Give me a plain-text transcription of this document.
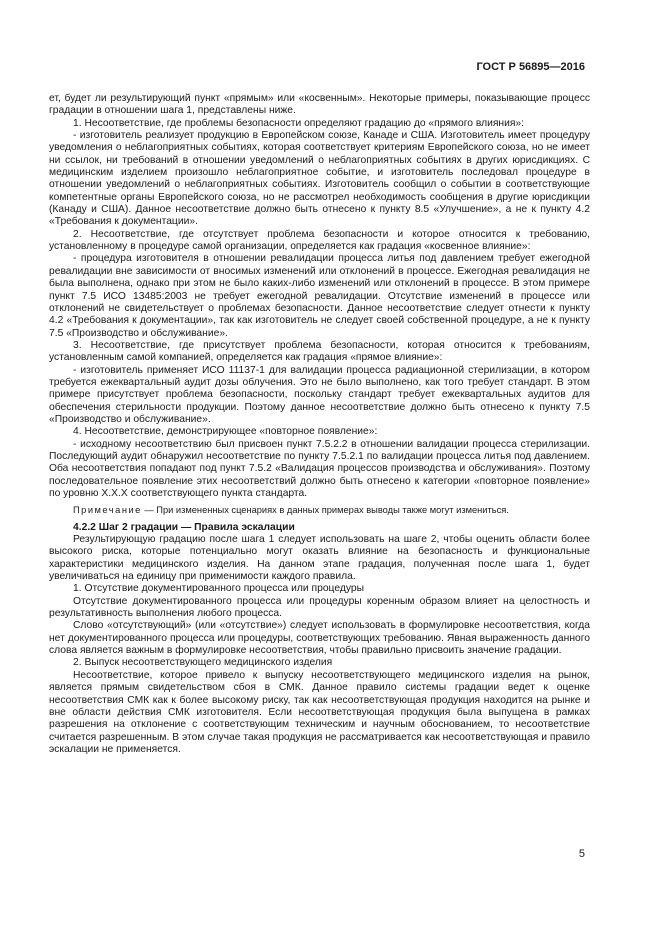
ГОСТ Р 56895—2016

ет, будет ли результирующий пункт «прямым» или «косвенным». Некоторые примеры, показывающие процесс градации в отношении шага 1, представлены ниже.

1. Несоответствие, где проблемы безопасности определяют градацию до «прямого влияния»:

- изготовитель реализует продукцию в Европейском союзе, Канаде и США. Изготовитель имеет процедуру уведомления о неблагоприятных событиях, которая соответствует критериям Европейского союза, но не имеет ни ссылок, ни требований в отношении уведомлений о неблагоприятных событиях в других юрисдикциях. С медицинским изделием произошло неблагоприятное событие, и изготовитель последовал процедуре в отношении уведомлений о неблагоприятных событиях. Изготовитель сообщил о событии в соответствующие компетентные органы Европейского союза, но не рассмотрел необходимость сообщения в другие юрисдикции (Канаду и США). Данное несоответствие должно быть отнесено к пункту 8.5 «Улучшение», а не к пункту 4.2 «Требования к документации».

2. Несоответствие, где отсутствует проблема безопасности и которое относится к требованию, установленному в процедуре самой организации, определяется как градация «косвенное влияние»:

- процедура изготовителя в отношении ревалидации процесса литья под давлением требует ежегодной ревалидации вне зависимости от вносимых изменений или отклонений в процессе. Ежегодная ревалидация не была выполнена, однако при этом не было каких-либо изменений или отклонений в процессе. В этом примере пункт 7.5 ИСО 13485:2003 не требует ежегодной ревалидации. Отсутствие изменений в процессе или отклонений не свидетельствует о проблемах безопасности. Данное несоответствие следует отнести к пункту 4.2 «Требования к документации», так как изготовитель не следует своей собственной процедуре, а не к пункту 7.5 «Производство и обслуживание».

3. Несоответствие, где присутствует проблема безопасности, которая относится к требованиям, установленным самой компанией, определяется как градация «прямое влияние»:

- изготовитель применяет ИСО 11137-1 для валидации процесса радиационной стерилизации, в котором требуется ежеквартальный аудит дозы облучения. Это не было выполнено, как того требует стандарт. В этом примере присутствует проблема безопасности, поскольку стандарт требует ежеквартальных аудитов для обеспечения стерильности продукции. Поэтому данное несоответствие должно быть отнесено к пункту 7.5 «Производство и обслуживание».

4. Несоответствие, демонстрирующее «повторное появление»:

- исходному несоответствию был присвоен пункт 7.5.2.2 в отношении валидации процесса стерилизации. Последующий аудит обнаружил несоответствие по пункту 7.5.2.1 по валидации процесса литья под давлением. Оба несоответствия попадают под пункт 7.5.2 «Валидация процессов производства и обслуживания». Поэтому последовательное появление этих несоответствий должно быть отнесено к категории «повторное появление» по уровню Х.Х.Х соответствующего пункта стандарта.

Примечание — При измененных сценариях в данных примерах выводы также могут измениться.

4.2.2 Шаг 2 градации — Правила эскалации

Результирующую градацию после шага 1 следует использовать на шаге 2, чтобы оценить области более высокого риска, которые потенциально могут оказать влияние на безопасность и функциональные характеристики медицинского изделия. На данном этапе градация, полученная после шага 1, будет увеличиваться на единицу при применимости каждого правила.

1. Отсутствие документированного процесса или процедуры

Отсутствие документированного процесса или процедуры коренным образом влияет на целостность и результативность выполнения любого процесса.

Слово «отсутствующий» (или «отсутствие») следует использовать в формулировке несоответствия, когда нет документированного процесса или процедуры, соответствующих требованию. Явная выраженность данного слова является важным в формулировке несоответствия, чтобы правильно присвоить значение градации.

2. Выпуск несоответствующего медицинского изделия

Несоответствие, которое привело к выпуску несоответствующего медицинского изделия на рынок, является прямым свидетельством сбоя в СМК. Данное правило системы градации ведет к оценке несоответствия СМК как к более высокому риску, так как несоответствующая продукция находится на рынке и вне области действия СМК изготовителя. Если несоответствующая продукция была выпущена в рамках разрешения на отклонение с соответствующим техническим и научным обоснованием, то несоответствие считается разрешенным. В этом случае такая продукция не рассматривается как несоответствующая и правило эскалации не применяется.

5
